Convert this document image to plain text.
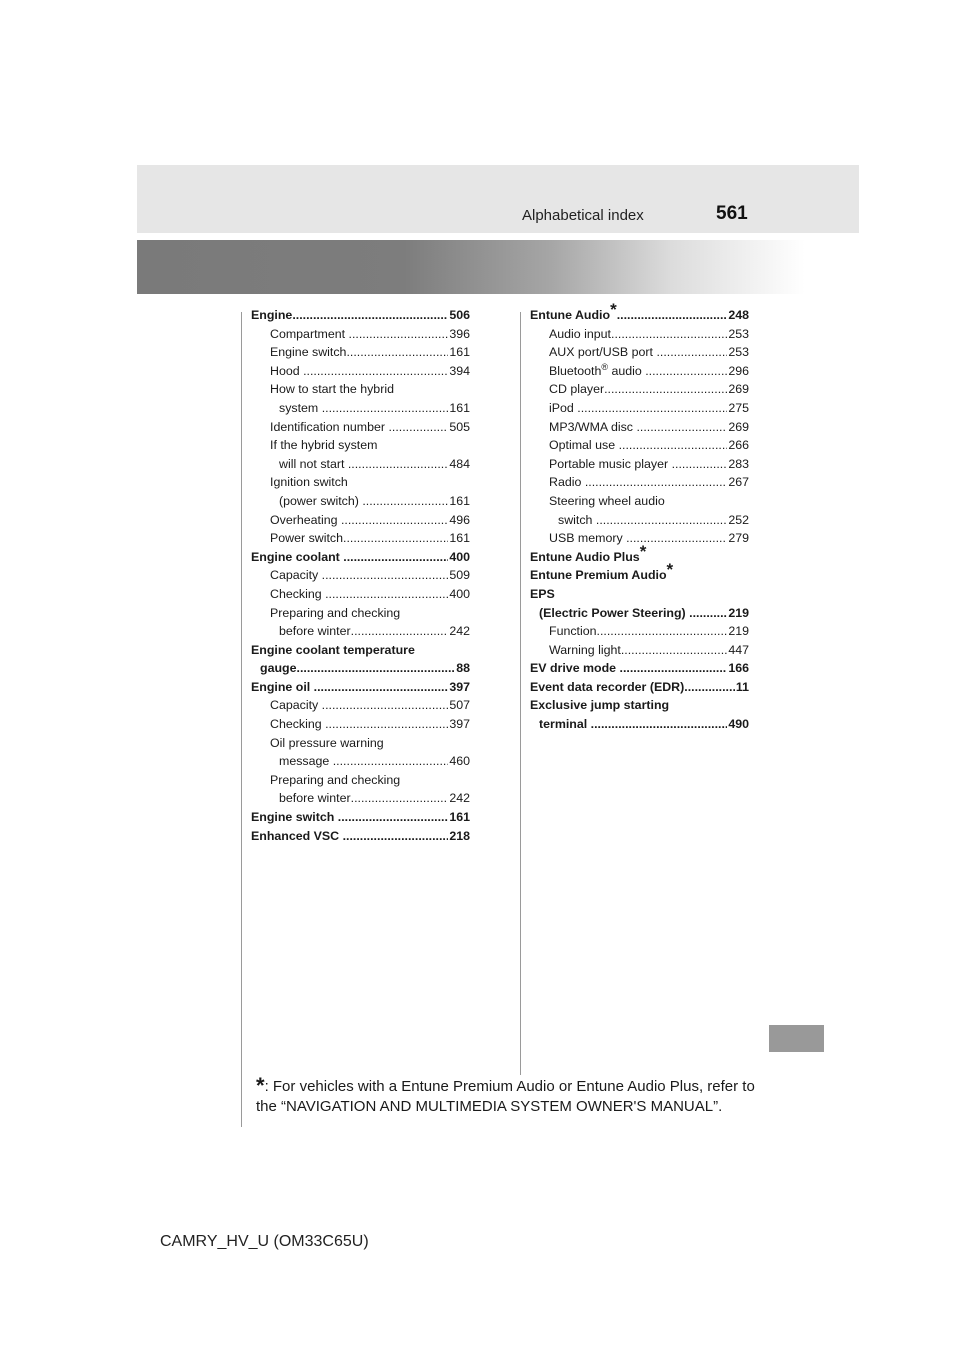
Alphabetical index	561
Engine .....	506
Compartment .....	396
Engine switch .....	161
Hood .....	394
How to start the hybrid
system .....	161
Identification number .....	505
If the hybrid system
will not start .....	484
Ignition switch
(power switch) .....	161
Overheating .....	496
Power switch .....	161
Engine coolant .....	400
Capacity .....	509
Checking .....	400
Preparing and checking
before winter .....	242
Engine coolant temperature
gauge .....	88
Engine oil .....	397
Capacity .....	507
Checking .....	397
Oil pressure warning
message .....	460
Preparing and checking
before winter .....	242
Engine switch .....	161
Enhanced VSC .....	218
Entune Audio* .....	248
Audio input .....	253
AUX port/USB port .....	253
Bluetooth® audio .....	296
CD player .....	269
iPod .....	275
MP3/WMA disc .....	269
Optimal use .....	266
Portable music player .....	283
Radio .....	267
Steering wheel audio
switch .....	252
USB memory .....	279
Entune Audio Plus*
Entune Premium Audio*
EPS
(Electric Power Steering) .....	219
Function .....	219
Warning light .....	447
EV drive mode .....	166
Event data recorder (EDR) .....	11
Exclusive jump starting
terminal .....	490
*: For vehicles with a Entune Premium Audio or Entune Audio Plus, refer to the “NAVIGATION AND MULTIMEDIA SYSTEM OWNER'S MANUAL”.
CAMRY_HV_U (OM33C65U)
